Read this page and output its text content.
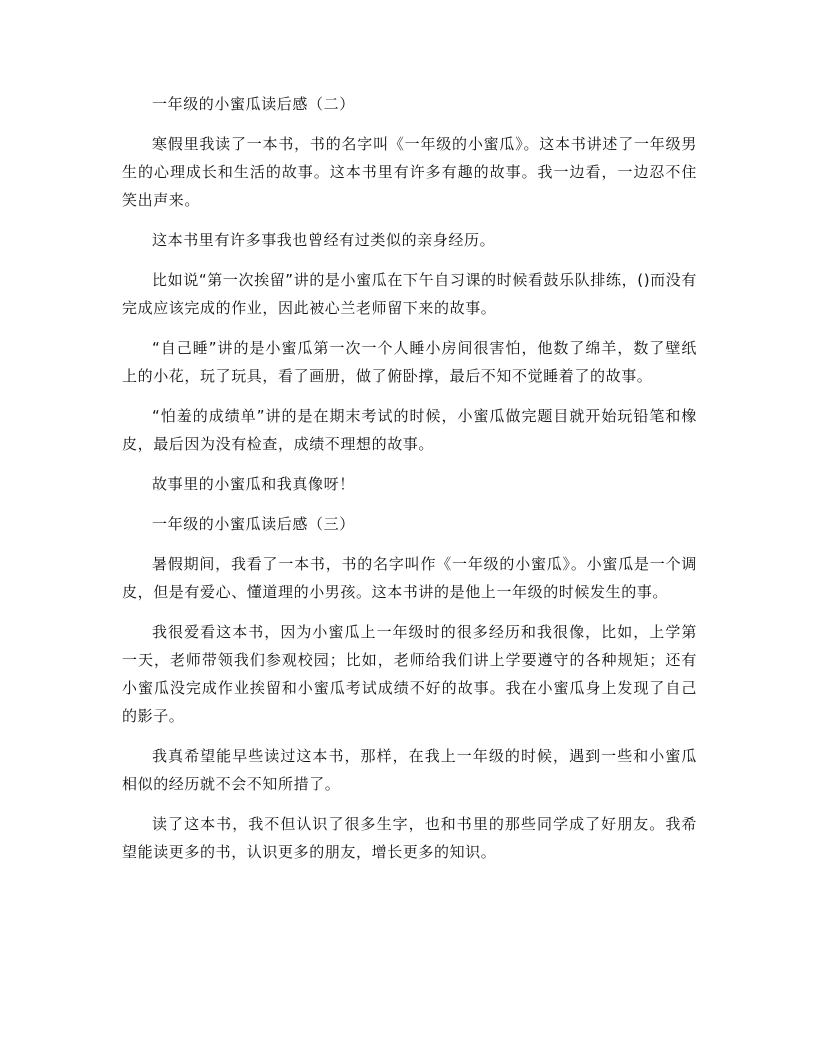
一年级的小蜜瓜读后感（二）

寒假里我读了一本书，书的名字叫《一年级的小蜜瓜》。这本书讲述了一年级男生的心理成长和生活的故事。这本书里有许多有趣的故事。我一边看，一边忍不住笑出声来。

这本书里有许多事我也曾经有过类似的亲身经历。

比如说“第一次挨留”讲的是小蜜瓜在下午自习课的时候看鼓乐队排练，()而没有完成应该完成的作业，因此被心兰老师留下来的故事。

“自己睡”讲的是小蜜瓜第一次一个人睡小房间很害怕，他数了绵羊，数了壁纸上的小花，玩了玩具，看了画册，做了俯卧撑，最后不知不觉睡着了的故事。

“怕羞的成绩单”讲的是在期末考试的时候，小蜜瓜做完题目就开始玩铅笔和橡皮，最后因为没有检查，成绩不理想的故事。

故事里的小蜜瓜和我真像呀！

一年级的小蜜瓜读后感（三）

暑假期间，我看了一本书，书的名字叫作《一年级的小蜜瓜》。小蜜瓜是一个调皮，但是有爱心、懂道理的小男孩。这本书讲的是他上一年级的时候发生的事。

我很爱看这本书，因为小蜜瓜上一年级时的很多经历和我很像，比如，上学第一天，老师带领我们参观校园；比如，老师给我们讲上学要遵守的各种规矩；还有小蜜瓜没完成作业挨留和小蜜瓜考试成绩不好的故事。我在小蜜瓜身上发现了自己的影子。

我真希望能早些读过这本书，那样，在我上一年级的时候，遇到一些和小蜜瓜相似的经历就不会不知所措了。

读了这本书，我不但认识了很多生字，也和书里的那些同学成了好朋友。我希望能读更多的书，认识更多的朋友，增长更多的知识。
